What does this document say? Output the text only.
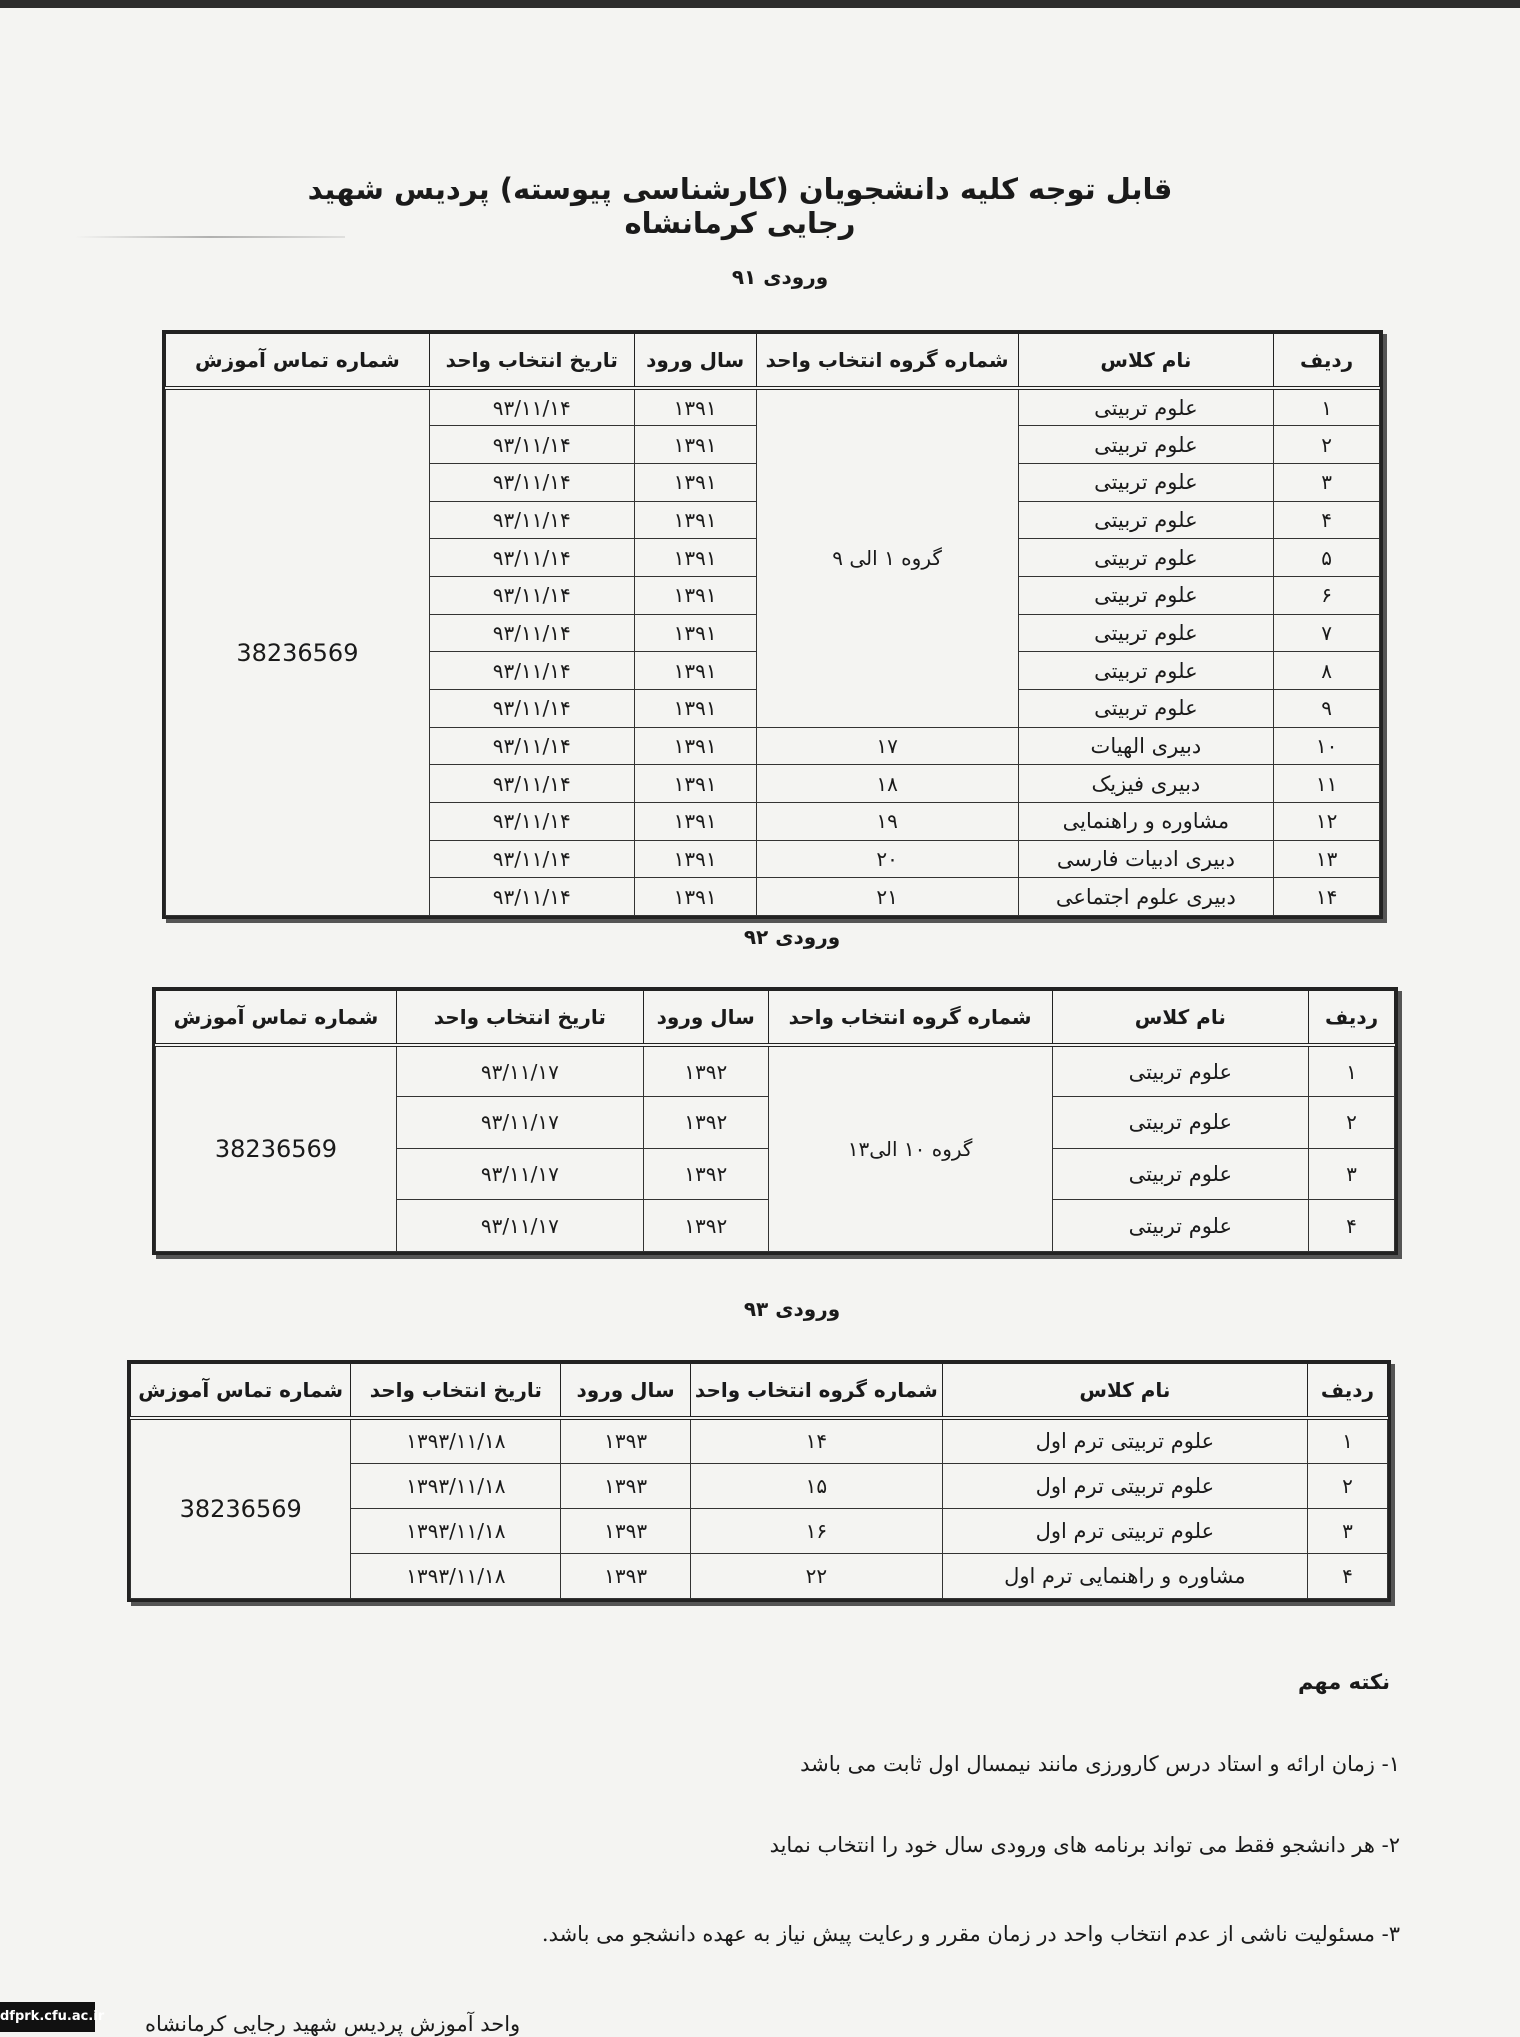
قابل توجه کلیه دانشجویان (کارشناسی پیوسته) پردیس شهید رجایی کرمانشاه
ورودی ۹۱
ردیف	نام کلاس	شماره گروه انتخاب واحد	سال ورود	تاریخ انتخاب واحد	شماره تماس آموزش
۱	علوم تربیتی	گروه ۱ الی ۹	۱۳۹۱	۹۳/۱۱/۱۴	38236569
۲	علوم تربیتی		۱۳۹۱	۹۳/۱۱/۱۴	
۳	علوم تربیتی		۱۳۹۱	۹۳/۱۱/۱۴	
۴	علوم تربیتی		۱۳۹۱	۹۳/۱۱/۱۴	
۵	علوم تربیتی		۱۳۹۱	۹۳/۱۱/۱۴	
۶	علوم تربیتی		۱۳۹۱	۹۳/۱۱/۱۴	
۷	علوم تربیتی		۱۳۹۱	۹۳/۱۱/۱۴	
۸	علوم تربیتی		۱۳۹۱	۹۳/۱۱/۱۴	
۹	علوم تربیتی		۱۳۹۱	۹۳/۱۱/۱۴	
۱۰	دبیری الهیات	۱۷	۱۳۹۱	۹۳/۱۱/۱۴	
۱۱	دبیری فیزیک	۱۸	۱۳۹۱	۹۳/۱۱/۱۴	
۱۲	مشاوره و راهنمایی	۱۹	۱۳۹۱	۹۳/۱۱/۱۴	
۱۳	دبیری ادبیات فارسی	۲۰	۱۳۹۱	۹۳/۱۱/۱۴	
۱۴	دبیری علوم اجتماعی	۲۱	۱۳۹۱	۹۳/۱۱/۱۴	
ورودی ۹۲
ردیف	نام کلاس	شماره گروه انتخاب واحد	سال ورود	تاریخ انتخاب واحد	شماره تماس آموزش
۱	علوم تربیتی	گروه ۱۰ الی۱۳	۱۳۹۲	۹۳/۱۱/۱۷	38236569
۲	علوم تربیتی		۱۳۹۲	۹۳/۱۱/۱۷	
۳	علوم تربیتی		۱۳۹۲	۹۳/۱۱/۱۷	
۴	علوم تربیتی		۱۳۹۲	۹۳/۱۱/۱۷	
ورودی ۹۳
ردیف	نام کلاس	شماره گروه انتخاب واحد	سال ورود	تاریخ انتخاب واحد	شماره تماس آموزش
۱	علوم تربیتی ترم اول	۱۴	۱۳۹۳	۱۳۹۳/۱۱/۱۸	38236569
۲	علوم تربیتی ترم اول	۱۵	۱۳۹۳	۱۳۹۳/۱۱/۱۸	
۳	علوم تربیتی ترم اول	۱۶	۱۳۹۳	۱۳۹۳/۱۱/۱۸	
۴	مشاوره و راهنمایی ترم اول	۲۲	۱۳۹۳	۱۳۹۳/۱۱/۱۸	
نکته مهم
۱- زمان ارائه و استاد درس کارورزی مانند نیمسال اول ثابت می باشد
۲- هر دانشجو فقط می تواند برنامه های ورودی سال خود را انتخاب نماید
۳- مسئولیت ناشی از عدم انتخاب واحد در زمان مقرر و رعایت پیش نیاز به عهده دانشجو می باشد.
واحد آموزش پردیس شهید رجایی کرمانشاه
dfprk.cfu.ac.ir
